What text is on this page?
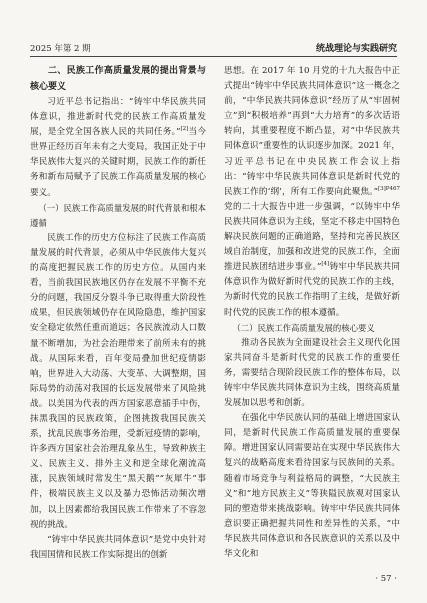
2025 年第 2 期	统战理论与实践研究
二、民族工作高质量发展的提出背景与核心要义

习近平总书记指出：“铸牢中华民族共同体意识，推进新时代党的民族工作高质量发展，是全党全国各族人民的共同任务。”[2]当今世界正经历百年未有之大变局，我国正处于中华民族伟大复兴的关键时期，民族工作的新任务和新布局赋予了民族工作高质量发展的核心要义。

（一）民族工作高质量发展的时代背景和根本遵循

民族工作的历史方位标注了民族工作高质量发展的时代背景，必须从中华民族伟大复兴的高度把握民族工作的历史方位。从国内来看，当前我国民族地区仍存在发展不平衡不充分的问题，我国反分裂斗争已取得重大阶段性成果，但民族领域仍存在风险隐患，维护国家安全稳定依然任重而道远；各民族流动人口数量不断增加，为社会治理带来了前所未有的挑战。从国际来看，百年变局叠加世纪疫情影响，世界进入大动荡、大变革、大调整期，国际局势的动荡对我国的长远发展带来了风险挑战。以美国为代表的西方国家恶意插手中伤，抹黑我国的民族政策，企图挑拨我国民族关系，扰乱民族事务治理，受新冠疫情的影响，许多西方国家社会治理乱象丛生，导致种族主义、民族主义、排外主义和逆全球化潮流高涨，民族领域时常发生“黑天鹅”“灰犀牛”事件，极端民族主义以及暴力恐怖活动频次增加，以上因素都给我国民族工作带来了不容忽视的挑战。

“铸牢中华民族共同体意识”是党中央针对我国国情和民族工作实际提出的创新

思想。在 2017 年 10 月党的十九大报告中正式提出“铸牢中华民族共同体意识”这一概念之前，“中华民族共同体意识”经历了从“牢固树立”到“积极培养”再到“大力培育”的多次话语转向，其重要程度不断凸显，对“中华民族共同体意识”重要性的认识逐步加深。2021 年，习近平总书记在中央民族工作会议上指出：“铸牢中华民族共同体意识是新时代党的民族工作的‘纲’，所有工作要向此聚焦。”$^{[3]P467}$党的二十大报告中进一步强调，“以铸牢中华民族共同体意识为主线，坚定不移走中国特色解决民族问题的正确道路，坚持和完善民族区域自治制度，加强和改进党的民族工作，全面推进民族团结进步事业。”[4]铸牢中华民族共同体意识作为做好新时代党的民族工作的主线，为新时代党的民族工作指明了主线，是做好新时代党的民族工作的根本遵循。

（二）民族工作高质量发展的核心要义

推动各民族为全面建设社会主义现代化国家共同奋斗是新时代党的民族工作的重要任务，需要结合现阶段民族工作的整体布局，以铸牢中华民族共同体意识为主线，围绕高质量发展加以思考和创新。

在强化中华民族认同的基础上增进国家认同，是新时代民族工作高质量发展的重要保障。增进国家认同需要站在实现中华民族伟大复兴的战略高度来看待国家与民族间的关系。随着市场竞争与利益格局的调整，“大民族主义”和“地方民族主义”等狭隘民族观对国家认同的塑造带来挑战影响。铸牢中华民族共同体意识要正确把握共同性和差异性的关系，“中华民族共同体意识和各民族意识的关系以及中华文化和

· 57 ·
